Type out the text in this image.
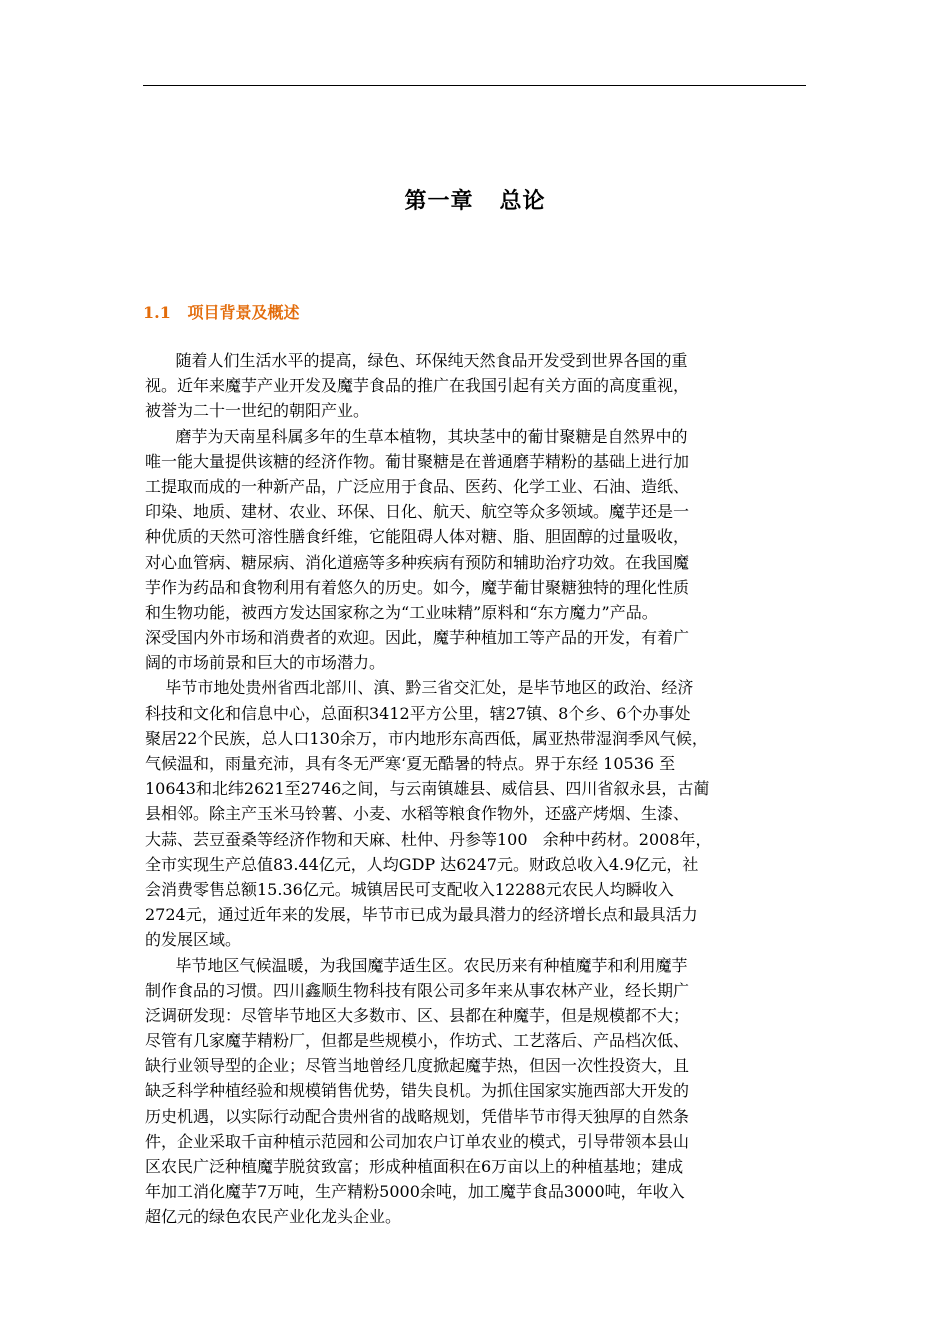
第一章   总论
1.1   项目背景及概述
随着人们生活水平的提高，绿色、环保纯天然食品开发受到世界各国的重
视。近年来魔芋产业开发及魔芋食品的推广在我国引起有关方面的高度重视，
被誉为二十一世纪的朝阳产业。
磨芋为天南星科属多年的生草本植物，其块茎中的葡甘聚糖是自然界中的
唯一能大量提供该糖的经济作物。葡甘聚糖是在普通磨芋精粉的基础上进行加
工提取而成的一种新产品，广泛应用于食品、医药、化学工业、石油、造纸、
印染、地质、建材、农业、环保、日化、航天、航空等众多领域。魔芋还是一
种优质的天然可溶性膳食纤维，它能阻碍人体对糖、脂、胆固醇的过量吸收，
对心血管病、糖尿病、消化道癌等多种疾病有预防和辅助治疗功效。在我国魔
芋作为药品和食物利用有着悠久的历史。如今，魔芋葡甘聚糖独特的理化性质
和生物功能，被西方发达国家称之为“工业味精”原料和“东方魔力”产品。
深受国内外市场和消费者的欢迎。因此，魔芋种植加工等产品的开发，有着广
阔的市场前景和巨大的市场潜力。
毕节市地处贵州省西北部川、滇、黔三省交汇处，是毕节地区的政治、经济
科技和文化和信息中心，总面积3412平方公里，辖27镇、8个乡、6个办事处
聚居22个民族，总人口130余万，市内地形东高西低，属亚热带湿润季风气候，
气候温和，雨量充沛，具有冬无严寒‘夏无酷暑的特点。界于东经 10536 至
10643和北纬2621至2746之间，与云南镇雄县、威信县、四川省叙永县，古蔺
县相邻。除主产玉米马铃薯、小麦、水稻等粮食作物外，还盛产烤烟、生漆、
大蒜、芸豆蚕桑等经济作物和天麻、杜仲、丹参等100   余种中药材。2008年，
全市实现生产总值83.44亿元，人均GDP 达6247元。财政总收入4.9亿元，社
会消费零售总额15.36亿元。城镇居民可支配收入12288元农民人均瞬收入
2724元，通过近年来的发展，毕节市已成为最具潜力的经济增长点和最具活力
的发展区域。
毕节地区气候温暖，为我国魔芋适生区。农民历来有种植魔芋和利用魔芋
制作食品的习惯。四川鑫顺生物科技有限公司多年来从事农林产业，经长期广
泛调研发现：尽管毕节地区大多数市、区、县都在种魔芋，但是规模都不大；
尽管有几家魔芋精粉厂，但都是些规模小，作坊式、工艺落后、产品档次低、
缺行业领导型的企业；尽管当地曾经几度掀起魔芋热，但因一次性投资大，且
缺乏科学种植经验和规模销售优势，错失良机。为抓住国家实施西部大开发的
历史机遇，以实际行动配合贵州省的战略规划，凭借毕节市得天独厚的自然条
件，企业采取千亩种植示范园和公司加农户订单农业的模式，引导带领本县山
区农民广泛种植魔芋脱贫致富；形成种植面积在6万亩以上的种植基地；建成
年加工消化魔芋7万吨，生产精粉5000余吨，加工魔芋食品3000吨，年收入
超亿元的绿色农民产业化龙头企业。
